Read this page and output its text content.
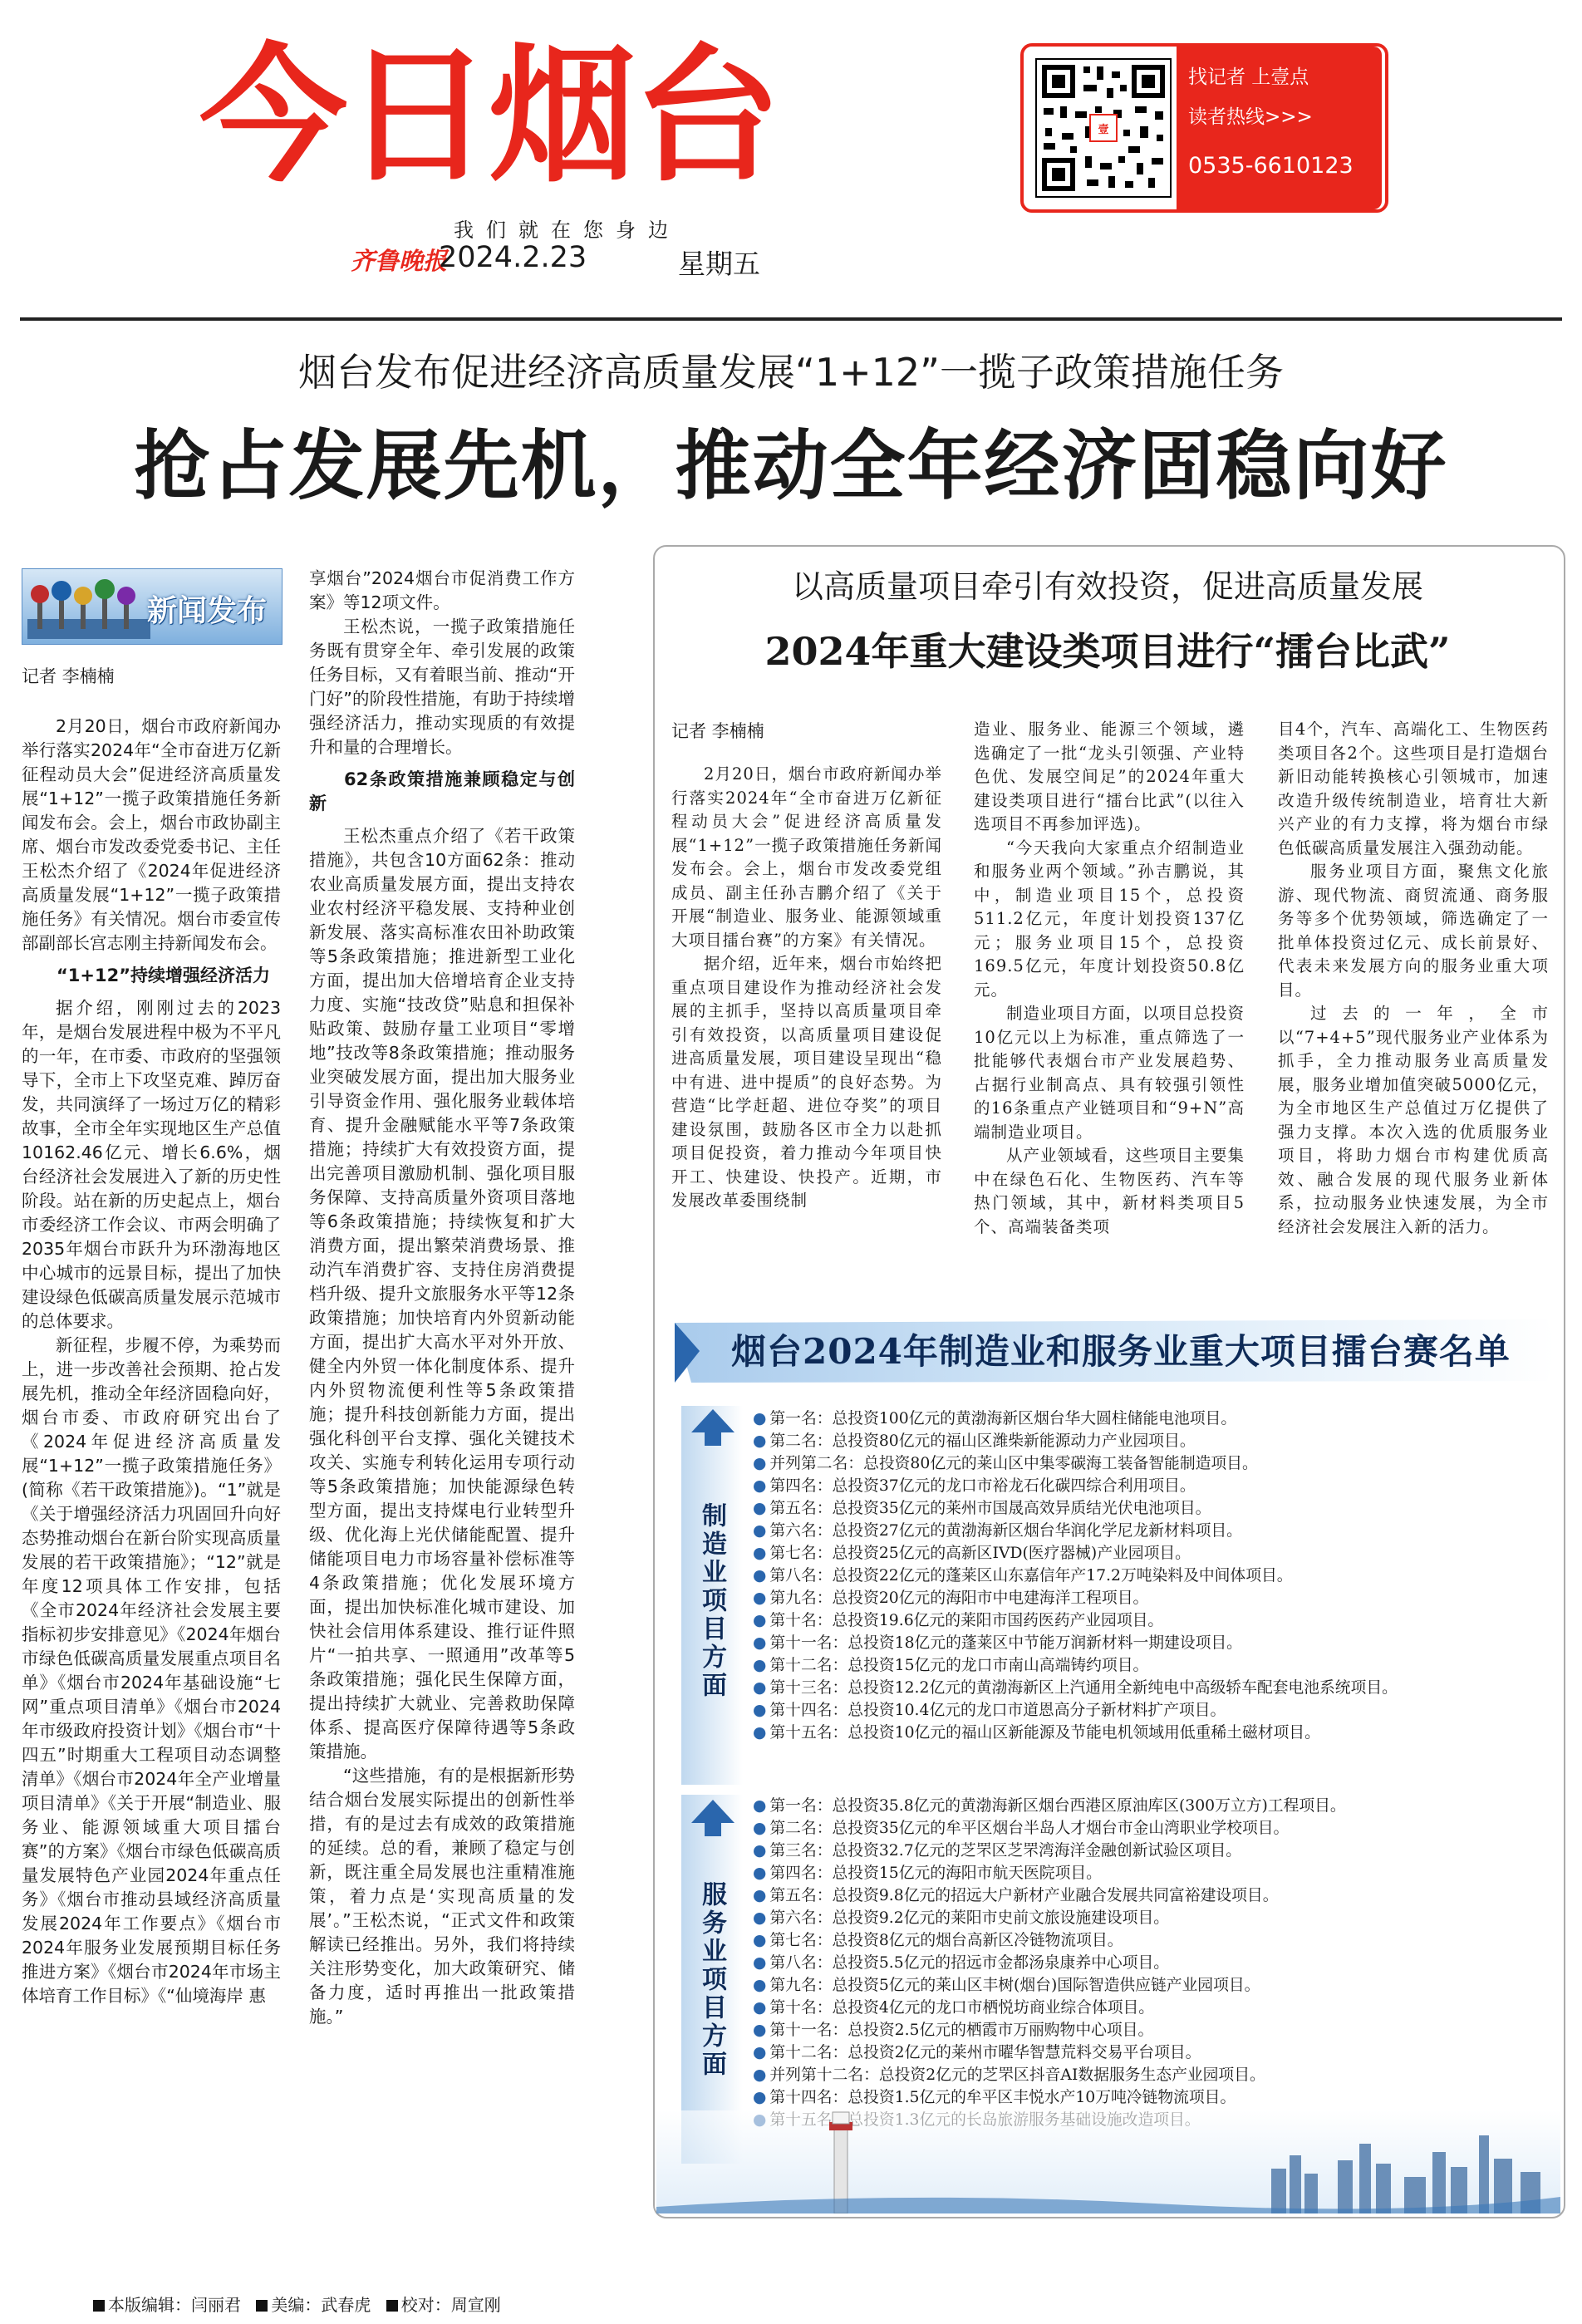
今日烟台	壹
找记者 上壹点
读者热线>>>
0535-6610123
我们就在您身边
齐鲁晚报
2024.2.23	星期五
烟台发布促进经济高质量发展“1+12”一揽子政策措施任务
抢占发展先机，推动全年经济固稳向好
新闻发布
记者 李楠楠

2月20日，烟台市政府新闻办举行落实2024年“全市奋进万亿新征程动员大会”促进经济高质量发展“1+12”一揽子政策措施任务新闻发布会。会上，烟台市政协副主席、烟台市发改委党委书记、主任王松杰介绍了《2024年促进经济高质量发展“1+12”一揽子政策措施任务》有关情况。烟台市委宣传部副部长宫志刚主持新闻发布会。

“1+12”持续增强经济活力

据介绍，刚刚过去的2023年，是烟台发展进程中极为不平凡的一年，在市委、市政府的坚强领导下，全市上下攻坚克难、踔厉奋发，共同演绎了一场过万亿的精彩故事，全市全年实现地区生产总值10162.46亿元、增长6.6%，烟台经济社会发展进入了新的历史性阶段。站在新的历史起点上，烟台市委经济工作会议、市两会明确了2035年烟台市跃升为环渤海地区中心城市的远景目标，提出了加快建设绿色低碳高质量发展示范城市的总体要求。

新征程，步履不停，为乘势而上，进一步改善社会预期、抢占发展先机，推动全年经济固稳向好，烟台市委、市政府研究出台了《2024年促进经济高质量发展“1+12”一揽子政策措施任务》(简称《若干政策措施》)。“1”就是《关于增强经济活力巩固回升向好态势推动烟台在新台阶实现高质量发展的若干政策措施》；“12”就是年度12项具体工作安排，包括《全市2024年经济社会发展主要指标初步安排意见》《2024年烟台市绿色低碳高质量发展重点项目名单》《烟台市2024年基础设施“七网”重点项目清单》《烟台市2024年市级政府投资计划》《烟台市“十四五”时期重大工程项目动态调整清单》《烟台市2024年全产业增量项目清单》《关于开展“制造业、服务业、能源领域重大项目擂台赛”的方案》《烟台市绿色低碳高质量发展特色产业园2024年重点任务》《烟台市推动县域经济高质量发展2024年工作要点》《烟台市2024年服务业发展预期目标任务推进方案》《烟台市2024年市场主体培育工作目标》《“仙境海岸 惠

享烟台”2024烟台市促消费工作方案》等12项文件。

王松杰说，一揽子政策措施任务既有贯穿全年、牵引发展的政策任务目标，又有着眼当前、推动“开门好”的阶段性措施，有助于持续增强经济活力，推动实现质的有效提升和量的合理增长。

62条政策措施兼顾稳定与创新

王松杰重点介绍了《若干政策措施》，共包含10方面62条：推动农业高质量发展方面，提出支持农业农村经济平稳发展、支持种业创新发展、落实高标准农田补助政策等5条政策措施；推进新型工业化方面，提出加大倍增培育企业支持力度、实施“技改贷”贴息和担保补贴政策、鼓励存量工业项目“零增地”技改等8条政策措施；推动服务业突破发展方面，提出加大服务业引导资金作用、强化服务业载体培育、提升金融赋能水平等7条政策措施；持续扩大有效投资方面，提出完善项目激励机制、强化项目服务保障、支持高质量外资项目落地等6条政策措施；持续恢复和扩大消费方面，提出繁荣消费场景、推动汽车消费扩容、支持住房消费提档升级、提升文旅服务水平等12条政策措施；加快培育内外贸新动能方面，提出扩大高水平对外开放、健全内外贸一体化制度体系、提升内外贸物流便利性等5条政策措施；提升科技创新能力方面，提出强化科创平台支撑、强化关键技术攻关、实施专利转化运用专项行动等5条政策措施；加快能源绿色转型方面，提出支持煤电行业转型升级、优化海上光伏储能配置、提升储能项目电力市场容量补偿标准等4条政策措施；优化发展环境方面，提出加快标准化城市建设、加快社会信用体系建设、推行证件照片“一拍共享、一照通用”改革等5条政策措施；强化民生保障方面，提出持续扩大就业、完善救助保障体系、提高医疗保障待遇等5条政策措施。

“这些措施，有的是根据新形势结合烟台发展实际提出的创新性举措，有的是过去有成效的政策措施的延续。总的看，兼顾了稳定与创新，既注重全局发展也注重精准施策，着力点是‘实现高质量的发展’。”王松杰说，“正式文件和政策解读已经推出。另外，我们将持续关注形势变化，加大政策研究、储备力度，适时再推出一批政策措施。”

以高质量项目牵引有效投资，促进高质量发展
2024年重大建设类项目进行“擂台比武”
记者 李楠楠

2月20日，烟台市政府新闻办举行落实2024年“全市奋进万亿新征程动员大会”促进经济高质量发展“1+12”一揽子政策措施任务新闻发布会。会上，烟台市发改委党组成员、副主任孙吉鹏介绍了《关于开展“制造业、服务业、能源领域重大项目擂台赛”的方案》有关情况。

据介绍，近年来，烟台市始终把重点项目建设作为推动经济社会发展的主抓手，坚持以高质量项目牵引有效投资，以高质量项目建设促进高质量发展，项目建设呈现出“稳中有进、进中提质”的良好态势。为营造“比学赶超、进位夺奖”的项目建设氛围，鼓励各区市全力以赴抓项目促投资，着力推动今年项目快开工、快建设、快投产。近期，市发展改革委围绕制

造业、服务业、能源三个领域，遴选确定了一批“龙头引领强、产业特色优、发展空间足”的2024年重大建设类项目进行“擂台比武”(以往入选项目不再参加评选)。

“今天我向大家重点介绍制造业和服务业两个领域。”孙吉鹏说，其中，制造业项目15个，总投资511.2亿元，年度计划投资137亿元；服务业项目15个，总投资169.5亿元，年度计划投资50.8亿元。

制造业项目方面，以项目总投资10亿元以上为标准，重点筛选了一批能够代表烟台市产业发展趋势、占据行业制高点、具有较强引领性的16条重点产业链项目和“9+N”高端制造业项目。

从产业领域看，这些项目主要集中在绿色石化、生物医药、汽车等热门领域，其中，新材料类项目5个、高端装备类项

目4个，汽车、高端化工、生物医药类项目各2个。这些项目是打造烟台新旧动能转换核心引领城市，加速改造升级传统制造业，培育壮大新兴产业的有力支撑，将为烟台市绿色低碳高质量发展注入强劲动能。

服务业项目方面，聚焦文化旅游、现代物流、商贸流通、商务服务等多个优势领域，筛选确定了一批单体投资过亿元、成长前景好、代表未来发展方向的服务业重大项目。

过去的一年，全市以“7+4+5”现代服务业产业体系为抓手，全力推动服务业高质量发展，服务业增加值突破5000亿元，为全市地区生产总值过万亿提供了强力支撑。本次入选的优质服务业项目，将助力烟台市构建优质高效、融合发展的现代服务业新体系，拉动服务业快速发展，为全市经济社会发展注入新的活力。

烟台2024年制造业和服务业重大项目擂台赛名单
制造业项目方面
● 第一名：总投资100亿元的黄渤海新区烟台华大圆柱储能电池项目。
● 第二名：总投资80亿元的福山区潍柴新能源动力产业园项目。
● 并列第二名：总投资80亿元的莱山区中集零碳海工装备智能制造项目。
● 第四名：总投资37亿元的龙口市裕龙石化碳四综合利用项目。
● 第五名：总投资35亿元的莱州市国晟高效异质结光伏电池项目。
● 第六名：总投资27亿元的黄渤海新区烟台华润化学尼龙新材料项目。
● 第七名：总投资25亿元的高新区IVD(医疗器械)产业园项目。
● 第八名：总投资22亿元的蓬莱区山东嘉信年产17.2万吨染料及中间体项目。
● 第九名：总投资20亿元的海阳市中电建海洋工程项目。
● 第十名：总投资19.6亿元的莱阳市国药医药产业园项目。
● 第十一名：总投资18亿元的蓬莱区中节能万润新材料一期建设项目。
● 第十二名：总投资15亿元的龙口市南山高端铸约项目。
● 第十三名：总投资12.2亿元的黄渤海新区上汽通用全新纯电中高级轿车配套电池系统项目。
● 第十四名：总投资10.4亿元的龙口市道恩高分子新材料扩产项目。
● 第十五名：总投资10亿元的福山区新能源及节能电机领域用低重稀土磁材项目。
服务业项目方面
● 第一名：总投资35.8亿元的黄渤海新区烟台西港区原油库区(300万立方)工程项目。
● 第二名：总投资35亿元的牟平区烟台半岛人才烟台市金山湾职业学校项目。
● 第三名：总投资32.7亿元的芝罘区芝罘湾海洋金融创新试验区项目。
● 第四名：总投资15亿元的海阳市航天医院项目。
● 第五名：总投资9.8亿元的招远大户新材产业融合发展共同富裕建设项目。
● 第六名：总投资9.2亿元的莱阳市史前文旅设施建设项目。
● 第七名：总投资8亿元的烟台高新区冷链物流项目。
● 第八名：总投资5.5亿元的招远市金都汤泉康养中心项目。
● 第九名：总投资5亿元的莱山区丰树(烟台)国际智造供应链产业园项目。
● 第十名：总投资4亿元的龙口市栖悦坊商业综合体项目。
● 第十一名：总投资2.5亿元的栖霞市万丽购物中心项目。
● 第十二名：总投资2亿元的莱州市曜华智慧荒料交易平台项目。
● 并列第十二名：总投资2亿元的芝罘区抖音AI数据服务生态产业园项目。
● 第十四名：总投资1.5亿元的牟平区丰悦水产10万吨冷链物流项目。
本版编辑：闫丽君 美编：武春虎 校对：周宣刚
